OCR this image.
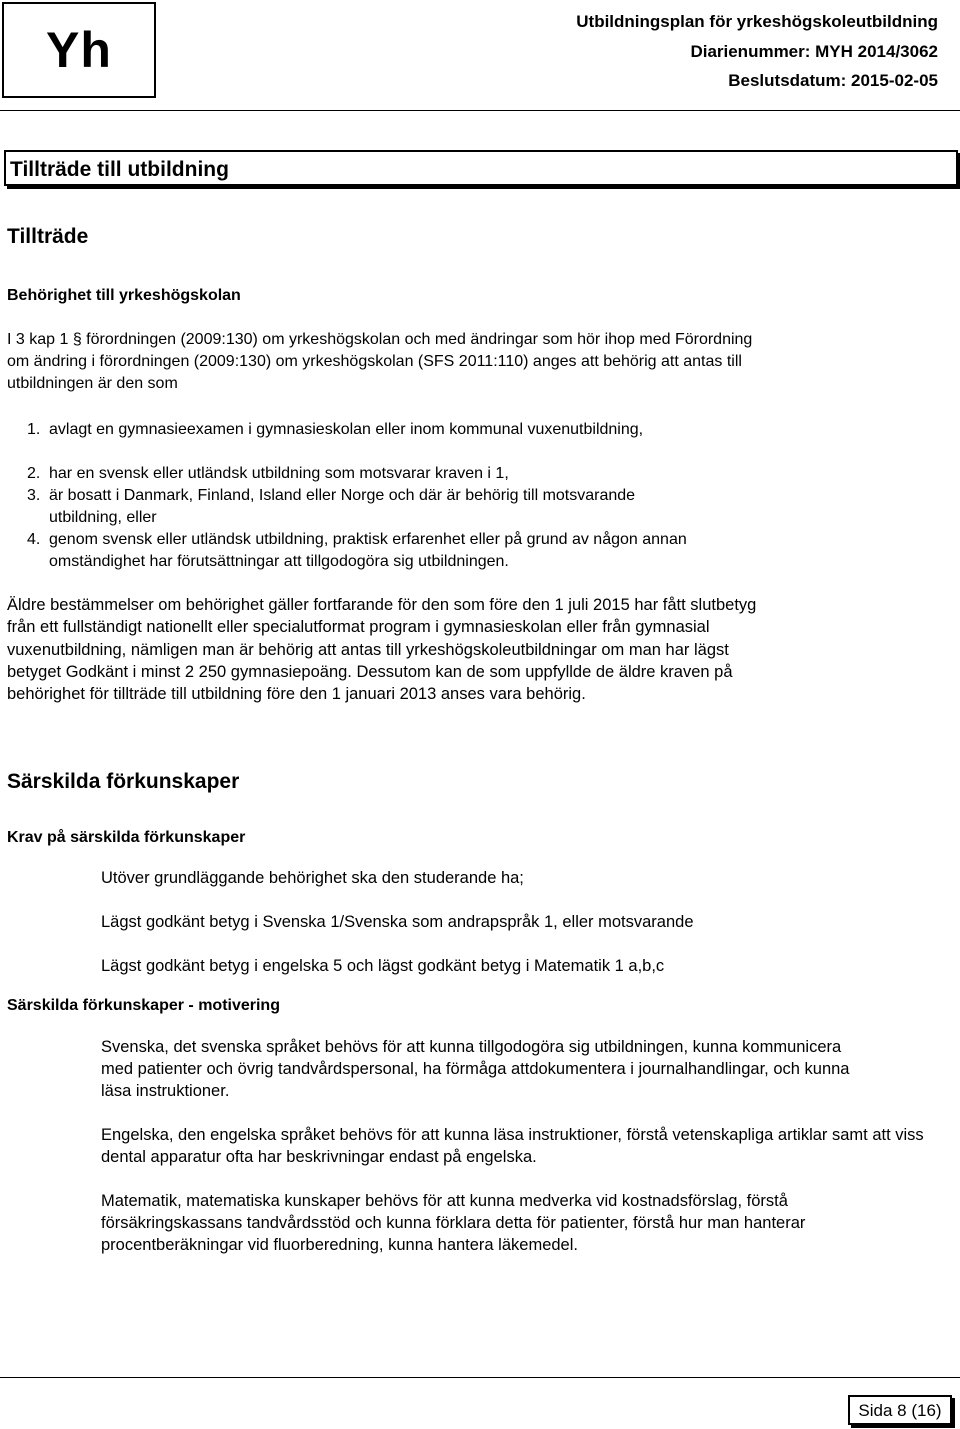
Yh
Utbildningsplan för yrkeshögskoleutbildning
Diarienummer: MYH 2014/3062
Beslutsdatum: 2015-02-05
Tillträde till utbildning
Tillträde
Behörighet till yrkeshögskolan
I 3 kap 1 § förordningen (2009:130) om yrkeshögskolan och med ändringar som hör ihop med Förordning om ändring i förordningen (2009:130) om yrkeshögskolan (SFS 2011:110) anges att behörig att antas till utbildningen är den som
1. avlagt en gymnasieexamen i gymnasieskolan eller inom kommunal vuxenutbildning,
2. har en svensk eller utländsk utbildning som motsvarar kraven i 1,
3. är bosatt i Danmark, Finland, Island eller Norge och där är behörig till motsvarande utbildning, eller
4. genom svensk eller utländsk utbildning, praktisk erfarenhet eller på grund av någon annan omständighet har förutsättningar att tillgodogöra sig utbildningen.
Äldre bestämmelser om behörighet gäller fortfarande för den som före den 1 juli 2015 har fått slutbetyg från ett fullständigt nationellt eller specialutformat program i gymnasieskolan eller från gymnasial vuxenutbildning, nämligen man är behörig att antas till yrkeshögskoleutbildningar om man har lägst betyget Godkänt i minst 2 250 gymnasiepoäng. Dessutom kan de som uppfyllde de äldre kraven på behörighet för tillträde till utbildning före den 1 januari 2013 anses vara behörig.
Särskilda förkunskaper
Krav på särskilda förkunskaper
Utöver grundläggande behörighet ska den studerande ha;
Lägst godkänt betyg i Svenska 1/Svenska som andrapspråk 1, eller motsvarande
Lägst godkänt betyg i engelska 5 och lägst godkänt betyg i Matematik 1 a,b,c
Särskilda förkunskaper - motivering
Svenska, det svenska språket behövs för att kunna tillgodogöra sig utbildningen, kunna kommunicera med patienter och övrig tandvårdspersonal, ha förmåga attdokumentera i journalhandlingar, och kunna läsa instruktioner.
Engelska, den engelska språket behövs för att kunna läsa instruktioner, förstå vetenskapliga artiklar samt att viss dental apparatur ofta har beskrivningar endast på engelska.
Matematik, matematiska kunskaper behövs för att kunna medverka vid kostnadsförslag, förstå försäkringskassans tandvårdsstöd och kunna förklara detta för patienter, förstå hur man hanterar procentberäkningar vid fluorberedning, kunna hantera läkemedel.
Sida 8 (16)
